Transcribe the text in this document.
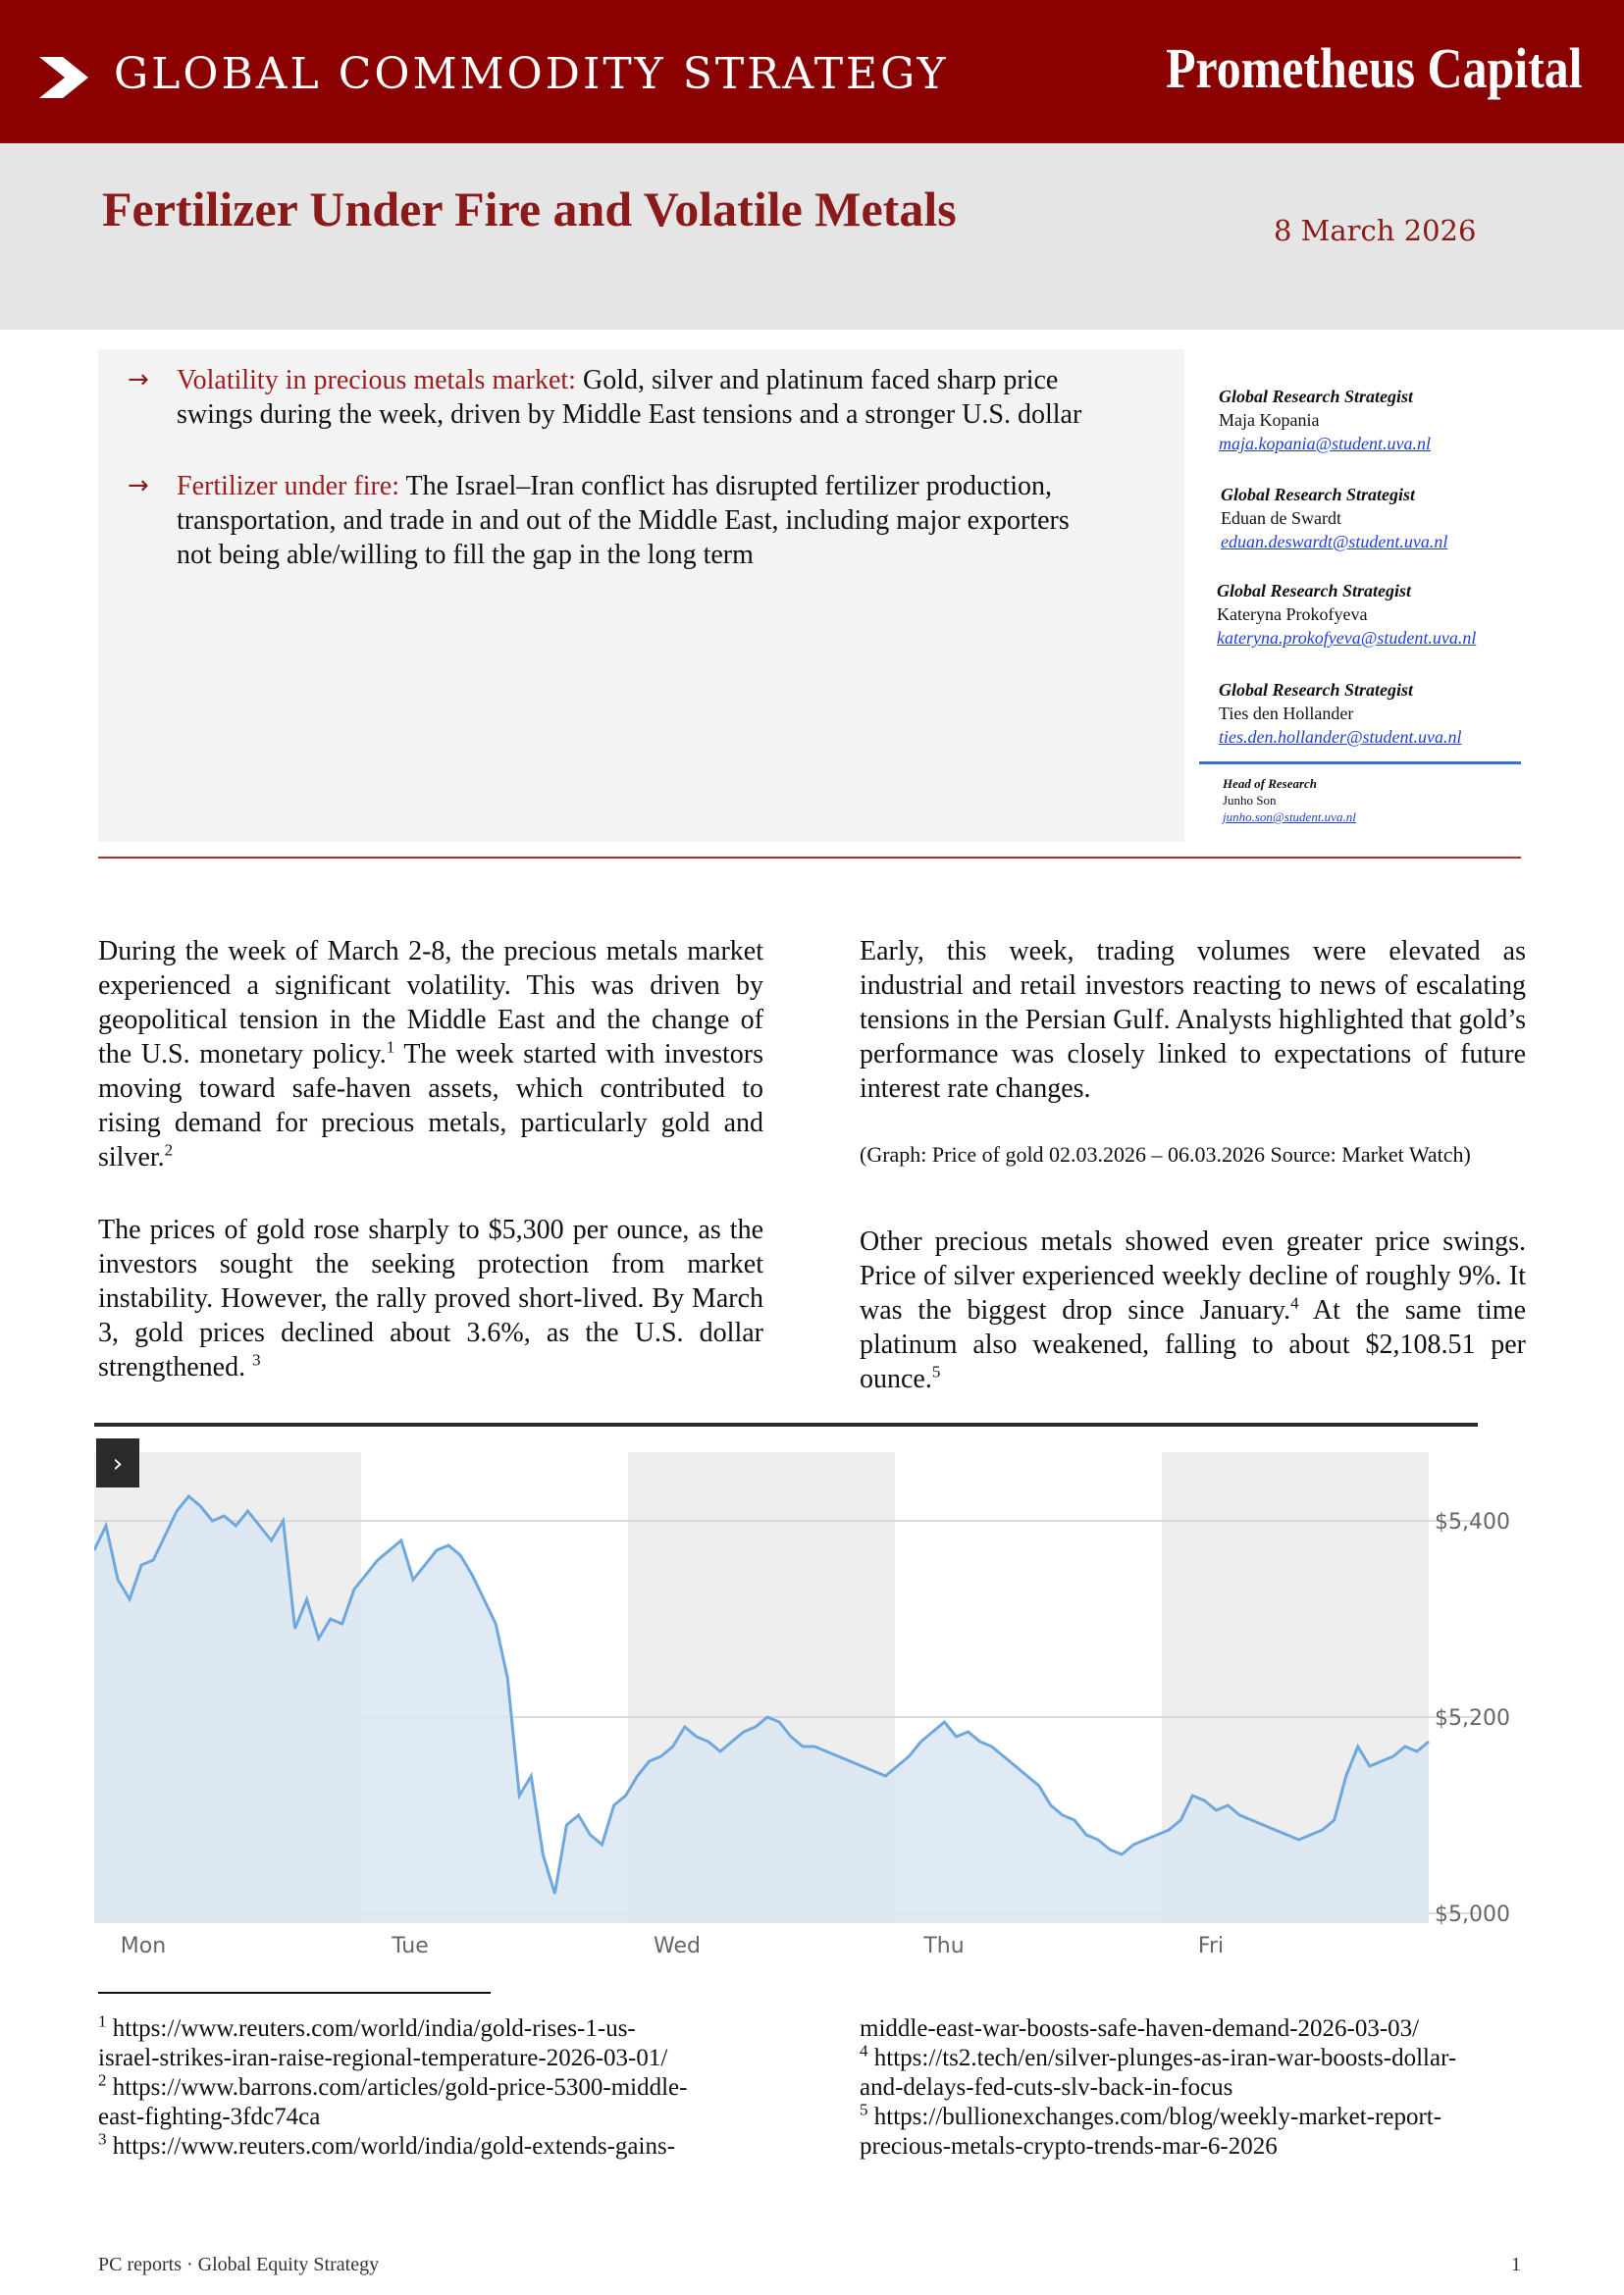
GLOBAL COMMODITY STRATEGY	Prometheus Capital
Fertilizer Under Fire and Volatile Metals	8 March 2026
→ Volatility in precious metals market: Gold, silver and platinum faced sharp price
swings during the week, driven by Middle East tensions and a stronger U.S. dollar
→ Fertilizer under fire: The Israel–Iran conflict has disrupted fertilizer production,
transportation, and trade in and out of the Middle East, including major exporters
not being able/willing to fill the gap in the long term
Global Research Strategist
Maja Kopania
maja.kopania@student.uva.nl
Global Research Strategist
Eduan de Swardt
eduan.deswardt@student.uva.nl
Global Research Strategist
Kateryna Prokofyeva
kateryna.prokofyeva@student.uva.nl
Global Research Strategist
Ties den Hollander
ties.den.hollander@student.uva.nl
Head of Research
Junho Son
junho.son@student.uva.nl
During the week of March 2-8, the precious metals market experienced a significant volatility. This was driven by geopolitical tension in the Middle East and the change of the U.S. monetary policy.$^1$ The week started with investors moving toward safe-haven assets, which contributed to rising demand for precious metals, particularly gold and silver.$^2$
The prices of gold rose sharply to $5,300 per ounce, as the investors sought the seeking protection from market instability. However, the rally proved short-lived. By March 3, gold prices declined about 3.6%, as the U.S. dollar strengthened. $^3$
Early, this week, trading volumes were elevated as industrial and retail investors reacting to news of escalating tensions in the Persian Gulf. Analysts highlighted that gold’s performance was closely linked to expectations of future interest rate changes.
(Graph: Price of gold 02.03.2026 – 06.03.2026 Source: Market Watch)
Other precious metals showed even greater price swings. Price of silver experienced weekly decline of roughly 9%. It was the biggest drop since January.$^4$ At the same time platinum also weakened, falling to about $2,108.51 per ounce.$^5$
›
$5,400
$5,200
$5,000
Mon	Tue	Wed	Thu	Fri
$^1$ https://www.reuters.com/world/india/gold-rises-1-us-
israel-strikes-iran-raise-regional-temperature-2026-03-01/
$^2$ https://www.barrons.com/articles/gold-price-5300-middle-
east-fighting-3fdc74ca
$^3$ https://www.reuters.com/world/india/gold-extends-gains-
middle-east-war-boosts-safe-haven-demand-2026-03-03/
$^4$ https://ts2.tech/en/silver-plunges-as-iran-war-boosts-dollar-
and-delays-fed-cuts-slv-back-in-focus
$^5$ https://bullionexchanges.com/blog/weekly-market-report-
precious-metals-crypto-trends-mar-6-2026
PC reports · Global Equity Strategy	1
